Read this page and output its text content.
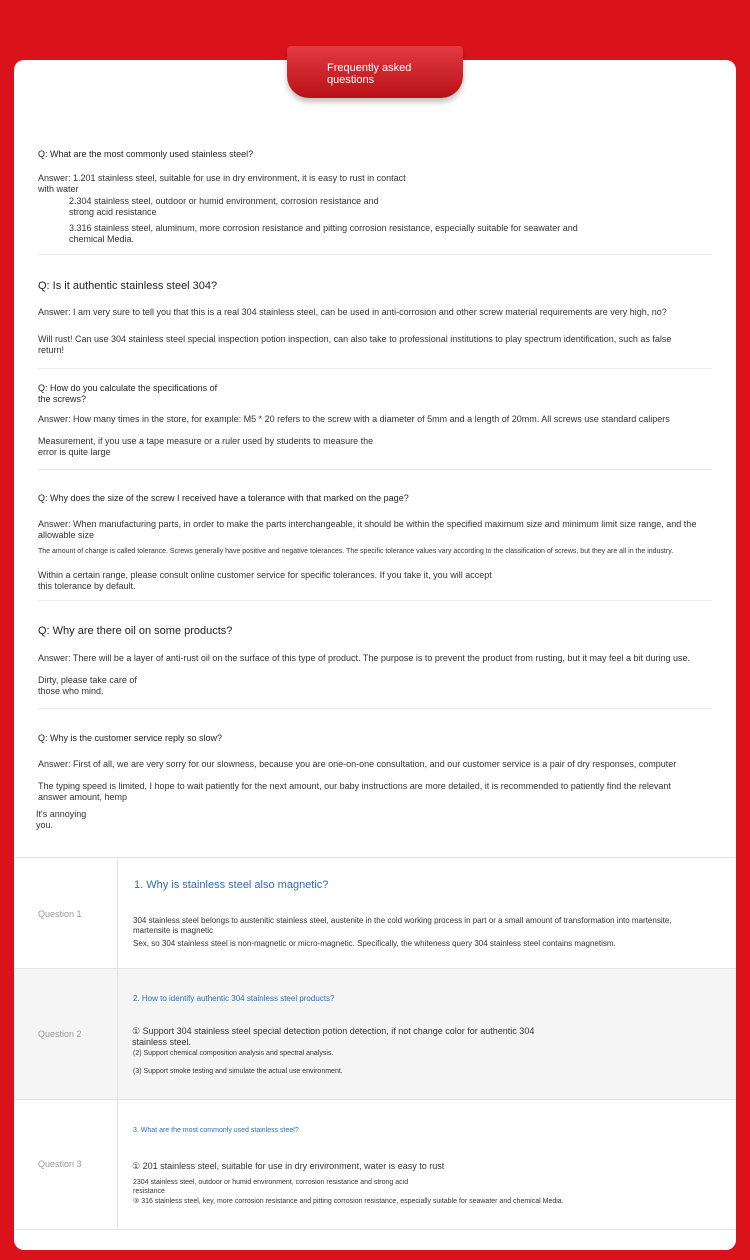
Q: What are the most commonly used stainless steel?
Answer: 1.201 stainless steel, suitable for use in dry environment, it is easy to rust in contact with water
2.304 stainless steel, outdoor or humid environment, corrosion resistance and strong acid resistance
3.316 stainless steel, aluminum, more corrosion resistance and pitting corrosion resistance, especially suitable for seawater and chemical Media.
Q: Is it authentic stainless steel 304?
Answer: I am very sure to tell you that this is a real 304 stainless steel, can be used in anti-corrosion and other screw material requirements are very high, no?
Will rust! Can use 304 stainless steel special inspection potion inspection, can also take to professional institutions to play spectrum identification, such as false return!
Q: How do you calculate the specifications of the screws?
Answer: How many times in the store, for example: M5 * 20 refers to the screw with a diameter of 5mm and a length of 20mm. All screws use standard calipers
Measurement, if you use a tape measure or a ruler used by students to measure the error is quite large
Q: Why does the size of the screw I received have a tolerance with that marked on the page?
Answer: When manufacturing parts, in order to make the parts interchangeable, it should be within the specified maximum size and minimum limit size range, and the allowable size
The amount of change is called tolerance. Screws generally have positive and negative tolerances. The specific tolerance values vary according to the classification of screws, but they are all in the industry.
Within a certain range, please consult online customer service for specific tolerances. If you take it, you will accept this tolerance by default.
Q: Why are there oil on some products?
Answer: There will be a layer of anti-rust oil on the surface of this type of product. The purpose is to prevent the product from rusting, but it may feel a bit during use.
Dirty, please take care of those who mind.
Q: Why is the customer service reply so slow?
Answer: First of all, we are very sorry for our slowness, because you are one-on-one consultation, and our customer service is a pair of dry responses, computer
The typing speed is limited, I hope to wait patiently for the next amount, our baby instructions are more detailed, it is recommended to patiently find the relevant answer amount, hemp
It's annoying you.
Question 1
1. Why is stainless steel also magnetic?
304 stainless steel belongs to austenitic stainless steel, austenite in the cold working process in part or a small amount of transformation into martensite, martensite is magnetic
Sex, so 304 stainless steel is non-magnetic or micro-magnetic. Specifically, the whiteness query 304 stainless steel contains magnetism.
Question 2
2. How to identify authentic 304 stainless steel products?
① Support 304 stainless steel special detection potion detection, if not change color for authentic 304 stainless steel.
(2) Support chemical composition analysis and spectral analysis.
(3) Support smoke testing and simulate the actual use environment.
Question 3
3. What are the most commonly used stainless steel?
① 201 stainless steel, suitable for use in dry environment, water is easy to rust
2304 stainless steel, outdoor or humid environment, corrosion resistance and strong acid resistance
③ 316 stainless steel, key, more corrosion resistance and pitting corrosion resistance, especially suitable for seawater and chemical Media.
Frequently asked questions
